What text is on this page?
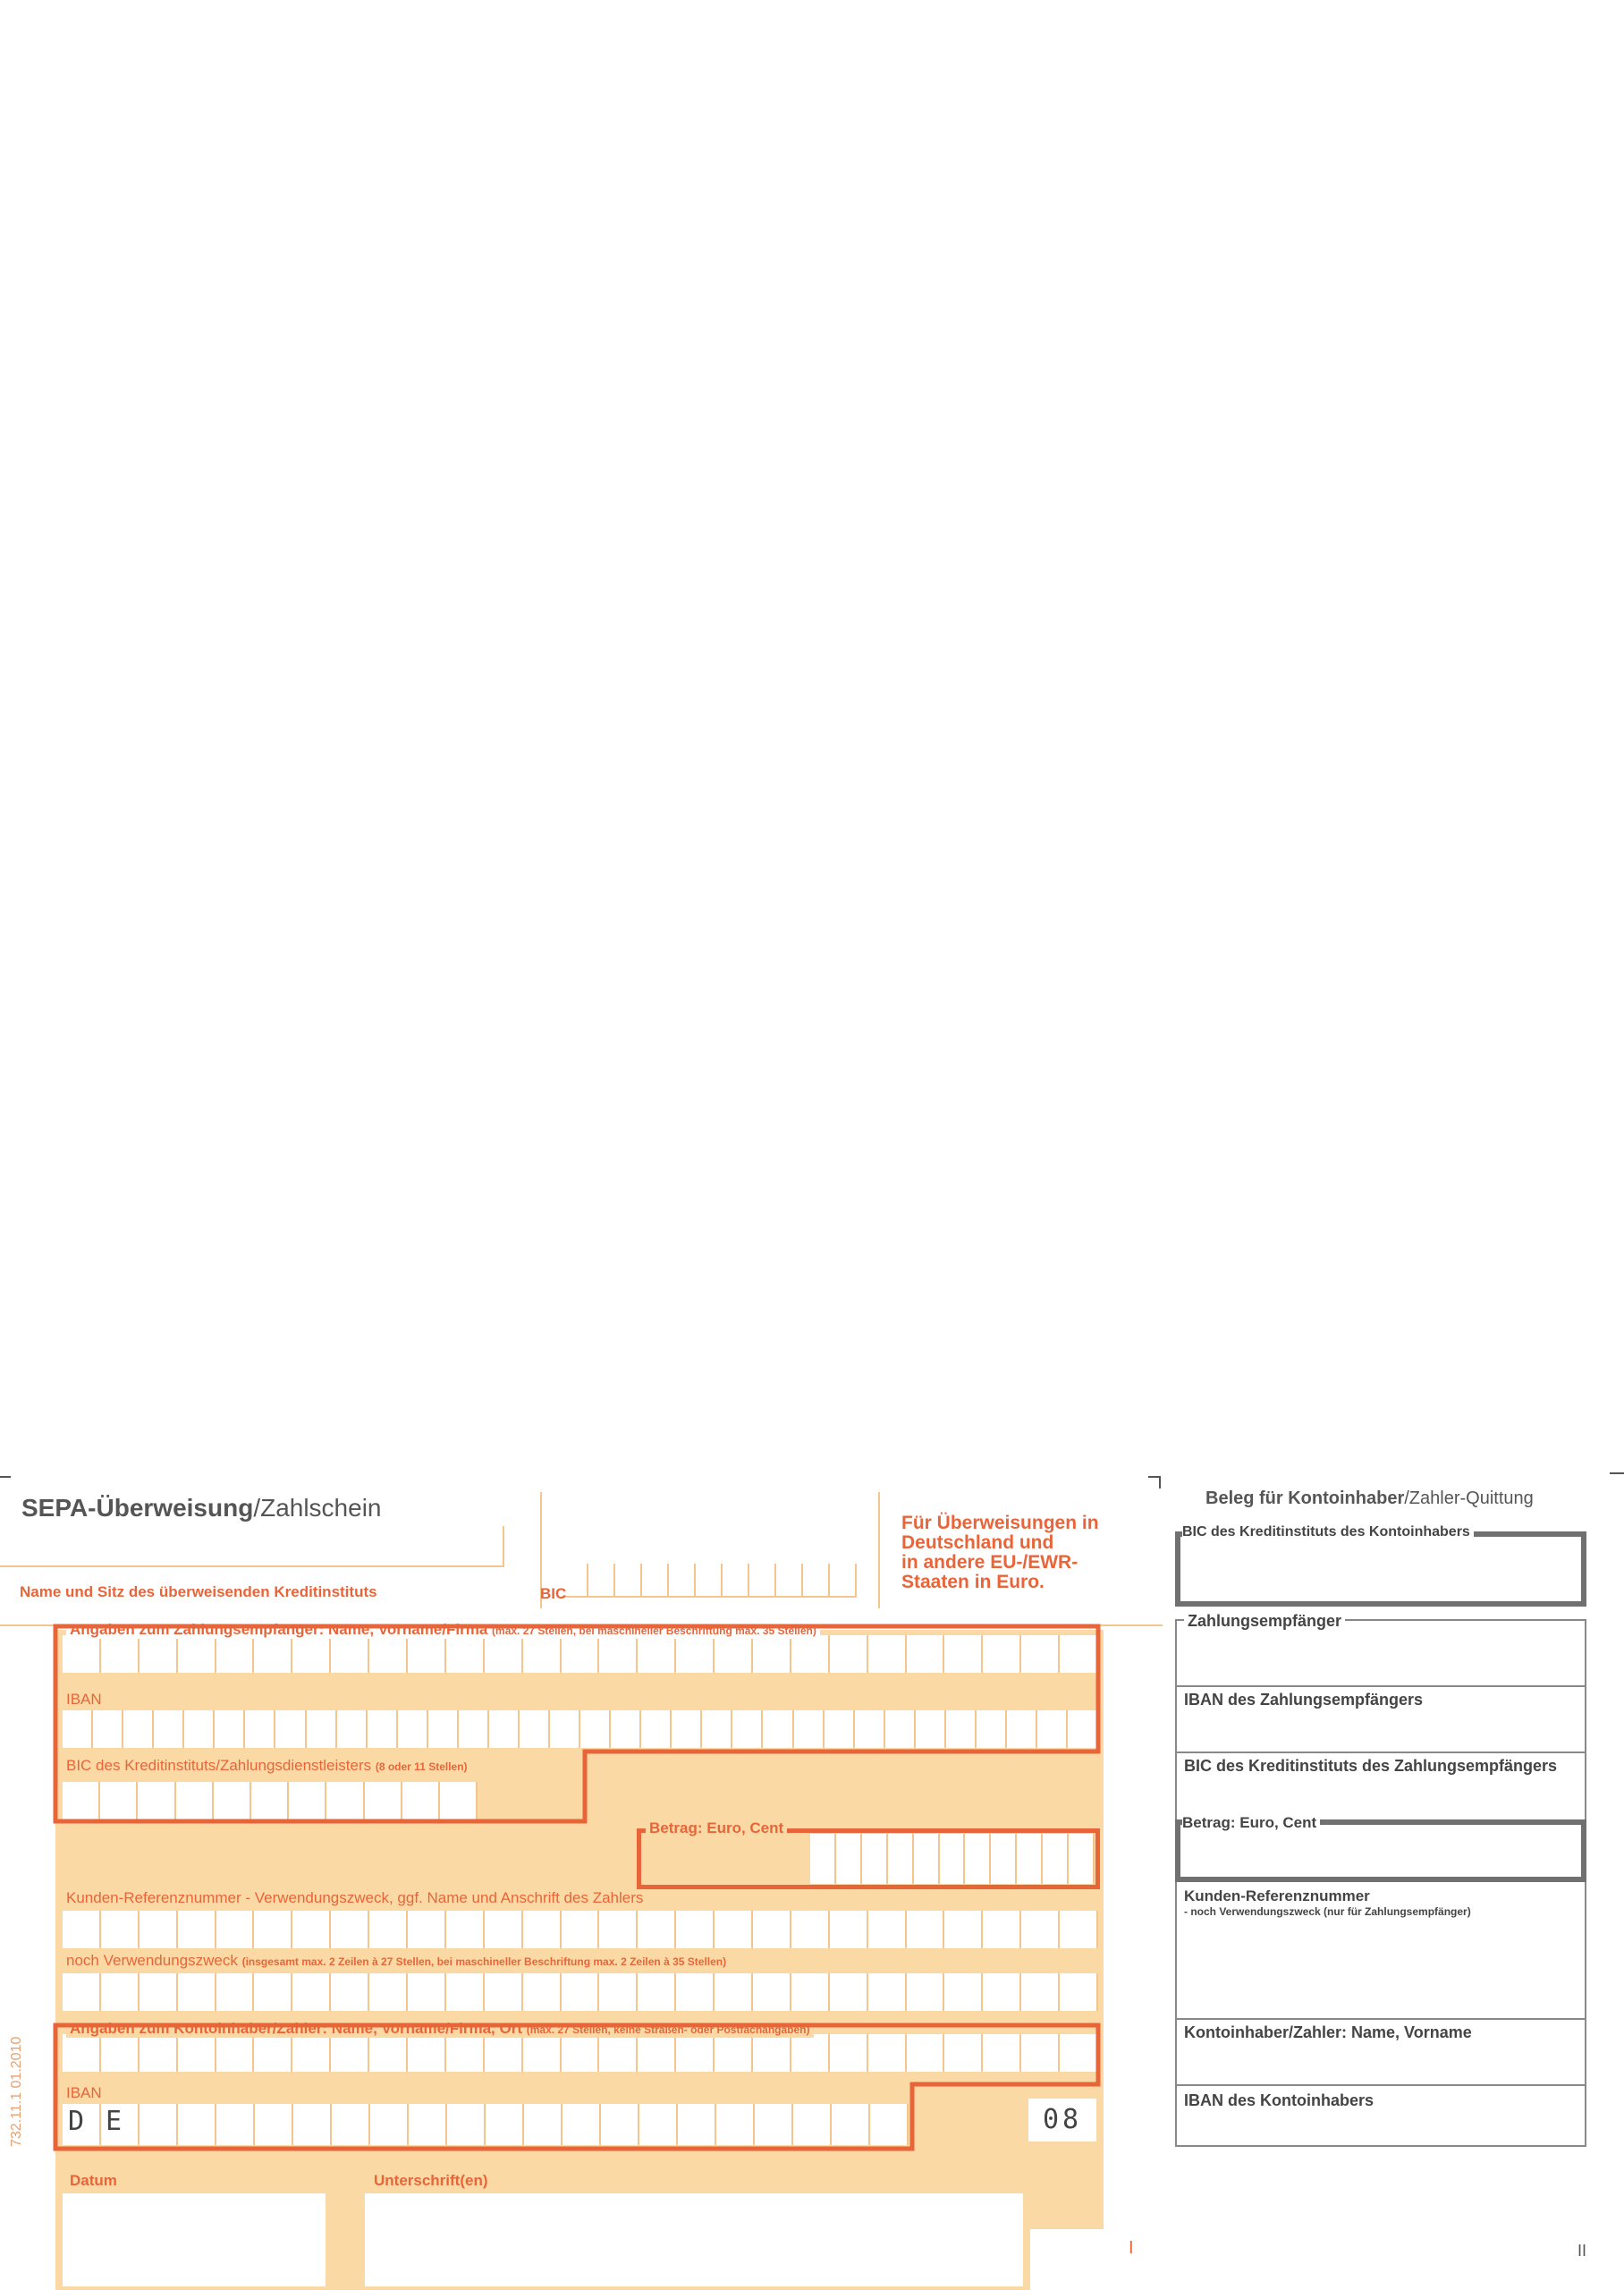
SEPA-Überweisung/Zahlschein
Name und Sitz des überweisenden Kreditinstituts	BIC
Für Überweisungen in
Deutschland und
in andere EU-/EWR-
Staaten in Euro.
Angaben zum Zahlungsempfänger: Name, Vorname/Firma (max. 27 Stellen, bei maschineller Beschriftung max. 35 Stellen)
IBAN
BIC des Kreditinstituts/Zahlungsdienstleisters (8 oder 11 Stellen)
Betrag: Euro, Cent
Kunden-Referenznummer - Verwendungszweck, ggf. Name und Anschrift des Zahlers
noch Verwendungszweck (insgesamt max. 2 Zeilen à 27 Stellen, bei maschineller Beschriftung max. 2 Zeilen à 35 Stellen)
Angaben zum Kontoinhaber/Zahler: Name, Vorname/Firma, Ort (max. 27 Stellen, keine Straßen- oder Postfachangaben)
IBAN
D E	08
Datum	Unterschrift(en)
732.11.1 01.2010
I
Beleg für Kontoinhaber/Zahler-Quittung
BIC des Kreditinstituts des Kontoinhabers
Zahlungsempfänger
IBAN des Zahlungsempfängers
BIC des Kreditinstituts des Zahlungsempfängers
Betrag: Euro, Cent
Kunden-Referenznummer
- noch Verwendungszweck (nur für Zahlungsempfänger)
Kontoinhaber/Zahler: Name, Vorname
IBAN des Kontoinhabers
II
